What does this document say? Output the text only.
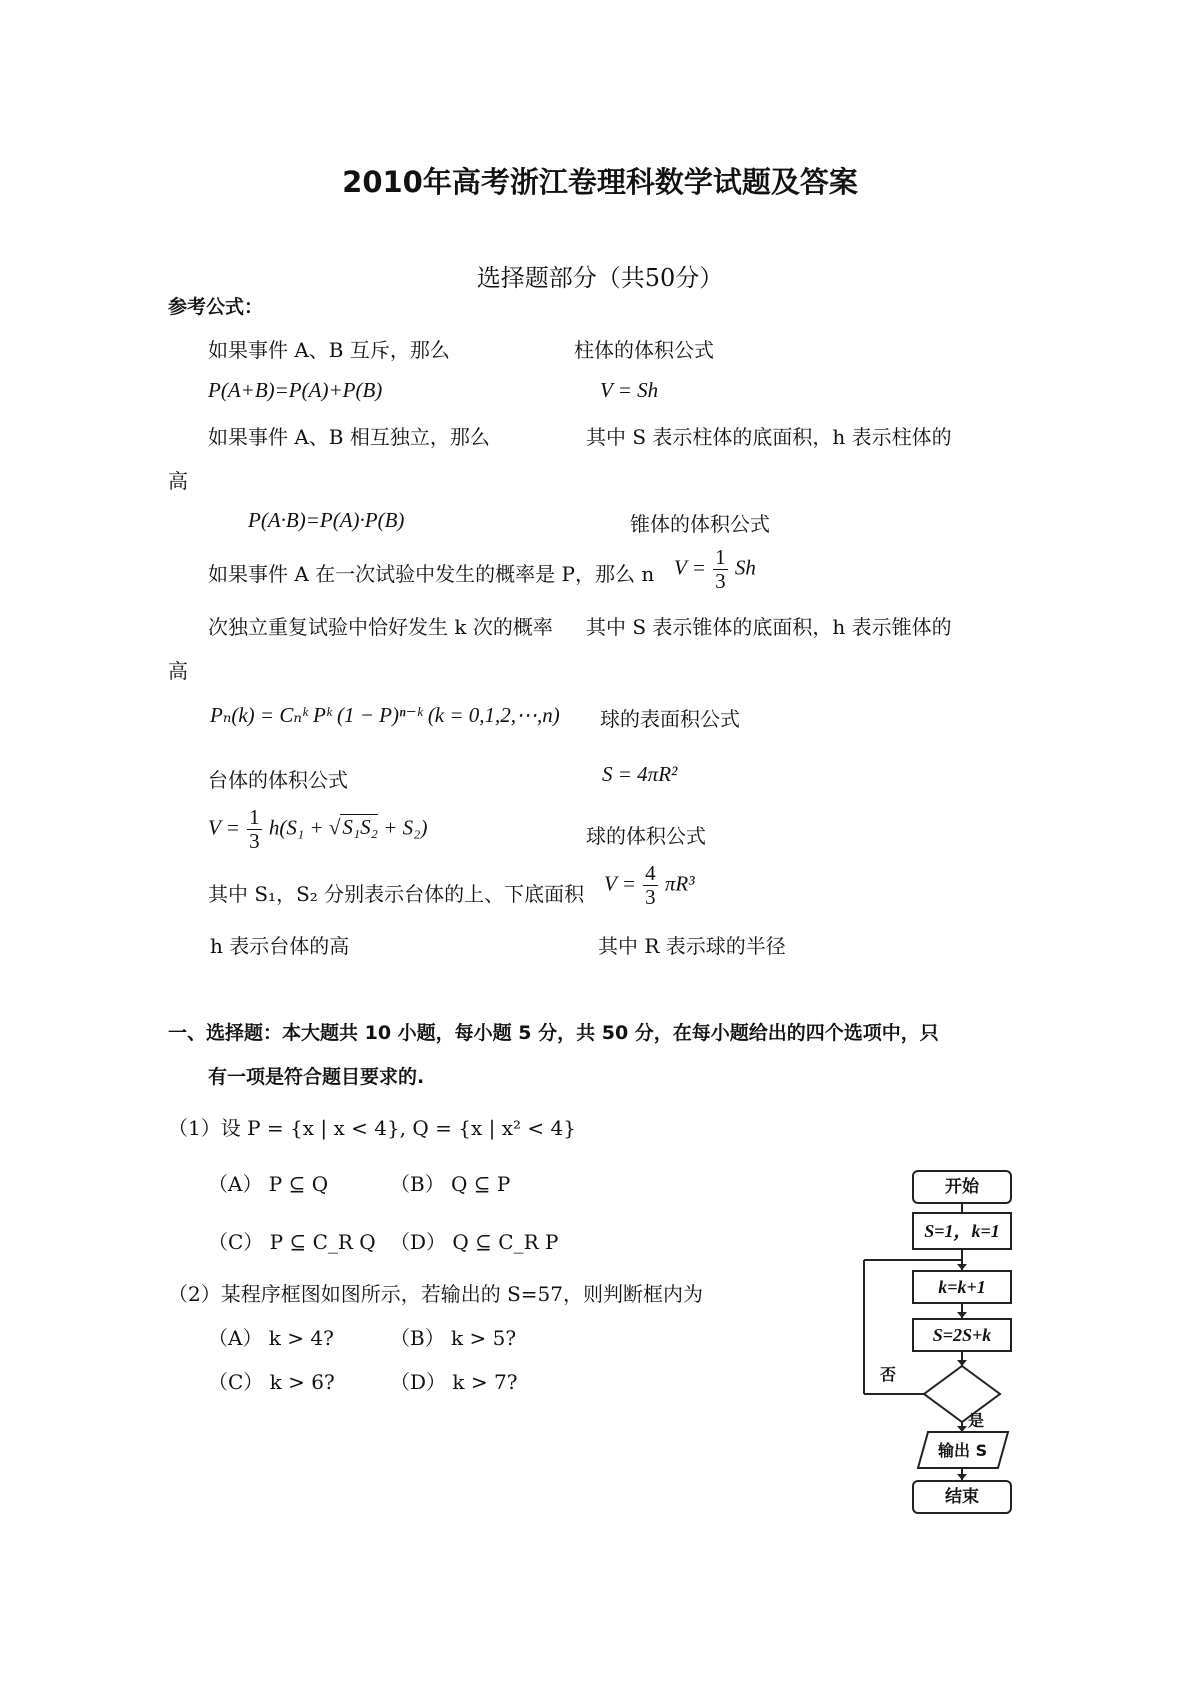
2010年高考浙江卷理科数学试题及答案
选择题部分（共50分）
参考公式：
如果事件 A、B 互斥，那么
P(A+B)=P(A)+P(B)
如果事件 A、B 相互独立，那么
高
P(A·B)=P(A)·P(B)
如果事件 A 在一次试验中发生的概率是 P，那么 n
次独立重复试验中恰好发生 k 次的概率
高
Pₙ(k) = Cₙᵏ Pᵏ (1 − P)ⁿ⁻ᵏ (k = 0,1,2,⋯,n)
台体的体积公式
$V = \frac{1}{3} h(S_1 + √S_1S_2 + S_2)$
其中 S₁，S₂ 分别表示台体的上、下底面积
h 表示台体的高
柱体的体积公式
V = Sh
其中 S 表示柱体的底面积，h 表示柱体的
锥体的体积公式
$V = \frac{1}{3}$ Sh
其中 S 表示锥体的底面积，h 表示锥体的
球的表面积公式
S = 4πR²
球的体积公式
$V = \frac{4}{3} \pi R^3$
其中 R 表示球的半径
一、选择题：本大题共 10 小题，每小题 5 分，共 50 分，在每小题给出的四个选项中，只
有一项是符合题目要求的.
（1）设 P = {x | x < 4}, Q = {x | x² < 4}
（A） P ⊆ Q	（B） Q ⊆ P
（C） P ⊆ C_R Q （D） Q ⊆ C_R P
（2）某程序框图如图所示，若输出的 S=57，则判断框内为
（A） k > 4?	（B） k > 5?
（C） k > 6?	（D） k > 7?
开始
S=1，k=1
k=k+1
S=2S+k
否
是
输出 S
结束
